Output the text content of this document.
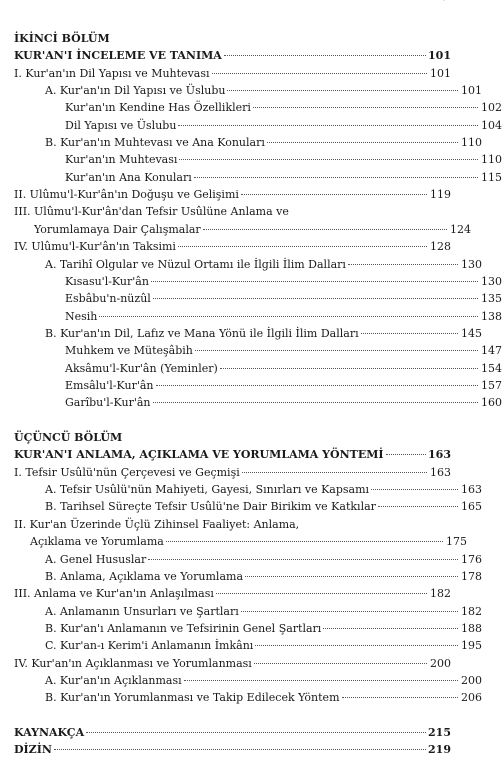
İKİNCİ BÖLÜM
KUR'AN'I İNCELEME VE TANIMA	101
I. Kur'an'ın Dil Yapısı ve Muhtevası	101
A. Kur'an'ın Dil Yapısı ve Üslubu	101
Kur'an'ın Kendine Has Özellikleri	102
Dil Yapısı ve Üslubu	104
B. Kur'an'ın Muhtevası ve Ana Konuları	110
Kur'an'ın Muhtevası	110
Kur'an'ın Ana Konuları	115
II. Ulûmu'l-Kur'ân'ın Doğuşu ve Gelişimi	119
III. Ulûmu'l-Kur'ân'dan Tefsir Usûlüne Anlama ve
Yorumlamaya Dair Çalışmalar	124
IV. Ulûmu'l-Kur'ân'ın Taksimi	128
A. Tarihî Olgular ve Nüzul Ortamı ile İlgili İlim Dalları	130
Kısasu'l-Kur'ân	130
Esbâbu'n-nüzûl	135
Nesih	138
B. Kur'an'ın Dil, Lafız ve Mana Yönü ile İlgili İlim Dalları	145
Muhkem ve Müteşâbih	147
Aksâmu'l-Kur'ân (Yeminler)	154
Emsâlu'l-Kur'ân	157
Garîbu'l-Kur'ân	160
ÜÇÜNCÜ BÖLÜM
KUR'AN'I ANLAMA, AÇIKLAMA VE YORUMLAMA YÖNTEMİ	163
I. Tefsir Usûlü'nün Çerçevesi ve Geçmişi	163
A. Tefsir Usûlü'nün Mahiyeti, Gayesi, Sınırları ve Kapsamı	163
B. Tarihsel Süreçte Tefsir Usûlü'ne Dair Birikim ve Katkılar	165
II. Kur'an Üzerinde Üçlü Zihinsel Faaliyet: Anlama,
Açıklama ve Yorumlama	175
A. Genel Hususlar	176
B. Anlama, Açıklama ve Yorumlama	178
III. Anlama ve Kur'an'ın Anlaşılması	182
A. Anlamanın Unsurları ve Şartları	182
B. Kur'an'ı Anlamanın ve Tefsirinin Genel Şartları	188
C. Kur'an-ı Kerim'i Anlamanın İmkânı	195
IV. Kur'an'ın Açıklanması ve Yorumlanması	200
A. Kur'an'ın Açıklanması	200
B. Kur'an'ın Yorumlanması ve Takip Edilecek Yöntem	206
KAYNAKÇA	215
DİZİN	219
